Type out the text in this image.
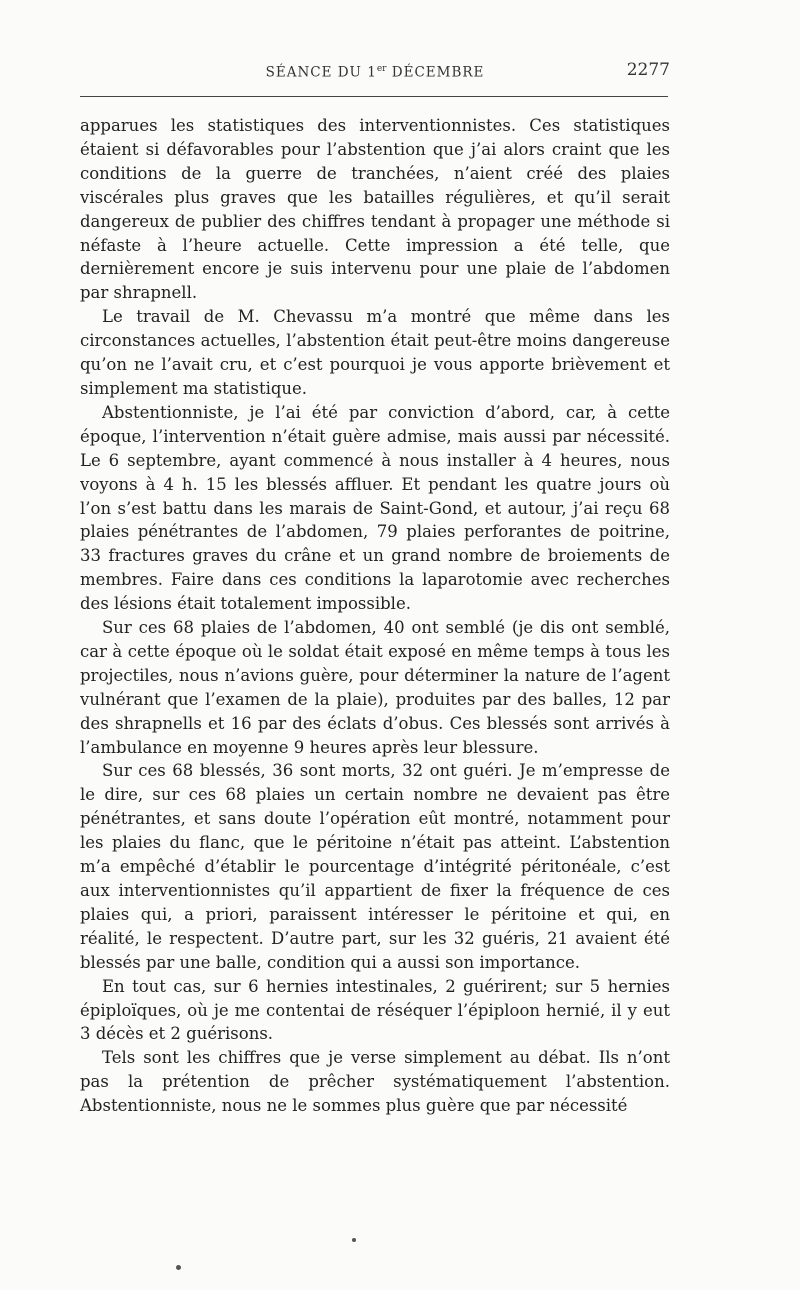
SÉANCE DU 1er DÉCEMBRE	2277

apparues les statistiques des interventionnistes. Ces statistiques étaient si défavorables pour l’abstention que j’ai alors craint que les conditions de la guerre de tranchées, n’aient créé des plaies viscérales plus graves que les batailles régulières, et qu’il serait dangereux de publier des chiffres tendant à propager une méthode si néfaste à l’heure actuelle. Cette impression a été telle, que dernièrement encore je suis intervenu pour une plaie de l’abdomen par shrapnell.

Le travail de M. Chevassu m’a montré que même dans les circonstances actuelles, l’abstention était peut-être moins dangereuse qu’on ne l’avait cru, et c’est pourquoi je vous apporte brièvement et simplement ma statistique.

Abstentionniste, je l’ai été par conviction d’abord, car, à cette époque, l’intervention n’était guère admise, mais aussi par nécessité. Le 6 septembre, ayant commencé à nous installer à 4 heures, nous voyons à 4 h. 15 les blessés affluer. Et pendant les quatre jours où l’on s’est battu dans les marais de Saint-Gond, et autour, j’ai reçu 68 plaies pénétrantes de l’abdomen, 79 plaies perforantes de poitrine, 33 fractures graves du crâne et un grand nombre de broiements de membres. Faire dans ces conditions la laparotomie avec recherches des lésions était totalement impossible.

Sur ces 68 plaies de l’abdomen, 40 ont semblé (je dis ont semblé, car à cette époque où le soldat était exposé en même temps à tous les projectiles, nous n’avions guère, pour déterminer la nature de l’agent vulnérant que l’examen de la plaie), produites par des balles, 12 par des shrapnells et 16 par des éclats d’obus. Ces blessés sont arrivés à l’ambulance en moyenne 9 heures après leur blessure.

Sur ces 68 blessés, 36 sont morts, 32 ont guéri. Je m’empresse de le dire, sur ces 68 plaies un certain nombre ne devaient pas être pénétrantes, et sans doute l’opération eût montré, notamment pour les plaies du flanc, que le péritoine n’était pas atteint. L’abstention m’a empêché d’établir le pourcentage d’intégrité péritonéale, c’est aux interventionnistes qu’il appartient de fixer la fréquence de ces plaies qui, a priori, paraissent intéresser le péritoine et qui, en réalité, le respectent. D’autre part, sur les 32 guéris, 21 avaient été blessés par une balle, condition qui a aussi son importance.

En tout cas, sur 6 hernies intestinales, 2 guérirent; sur 5 hernies épiploïques, où je me contentai de réséquer l’épiploon hernié, il y eut 3 décès et 2 guérisons.

Tels sont les chiffres que je verse simplement au débat. Ils n’ont pas la prétention de prêcher systématiquement l’abstention. Abstentionniste, nous ne le sommes plus guère que par nécessité
